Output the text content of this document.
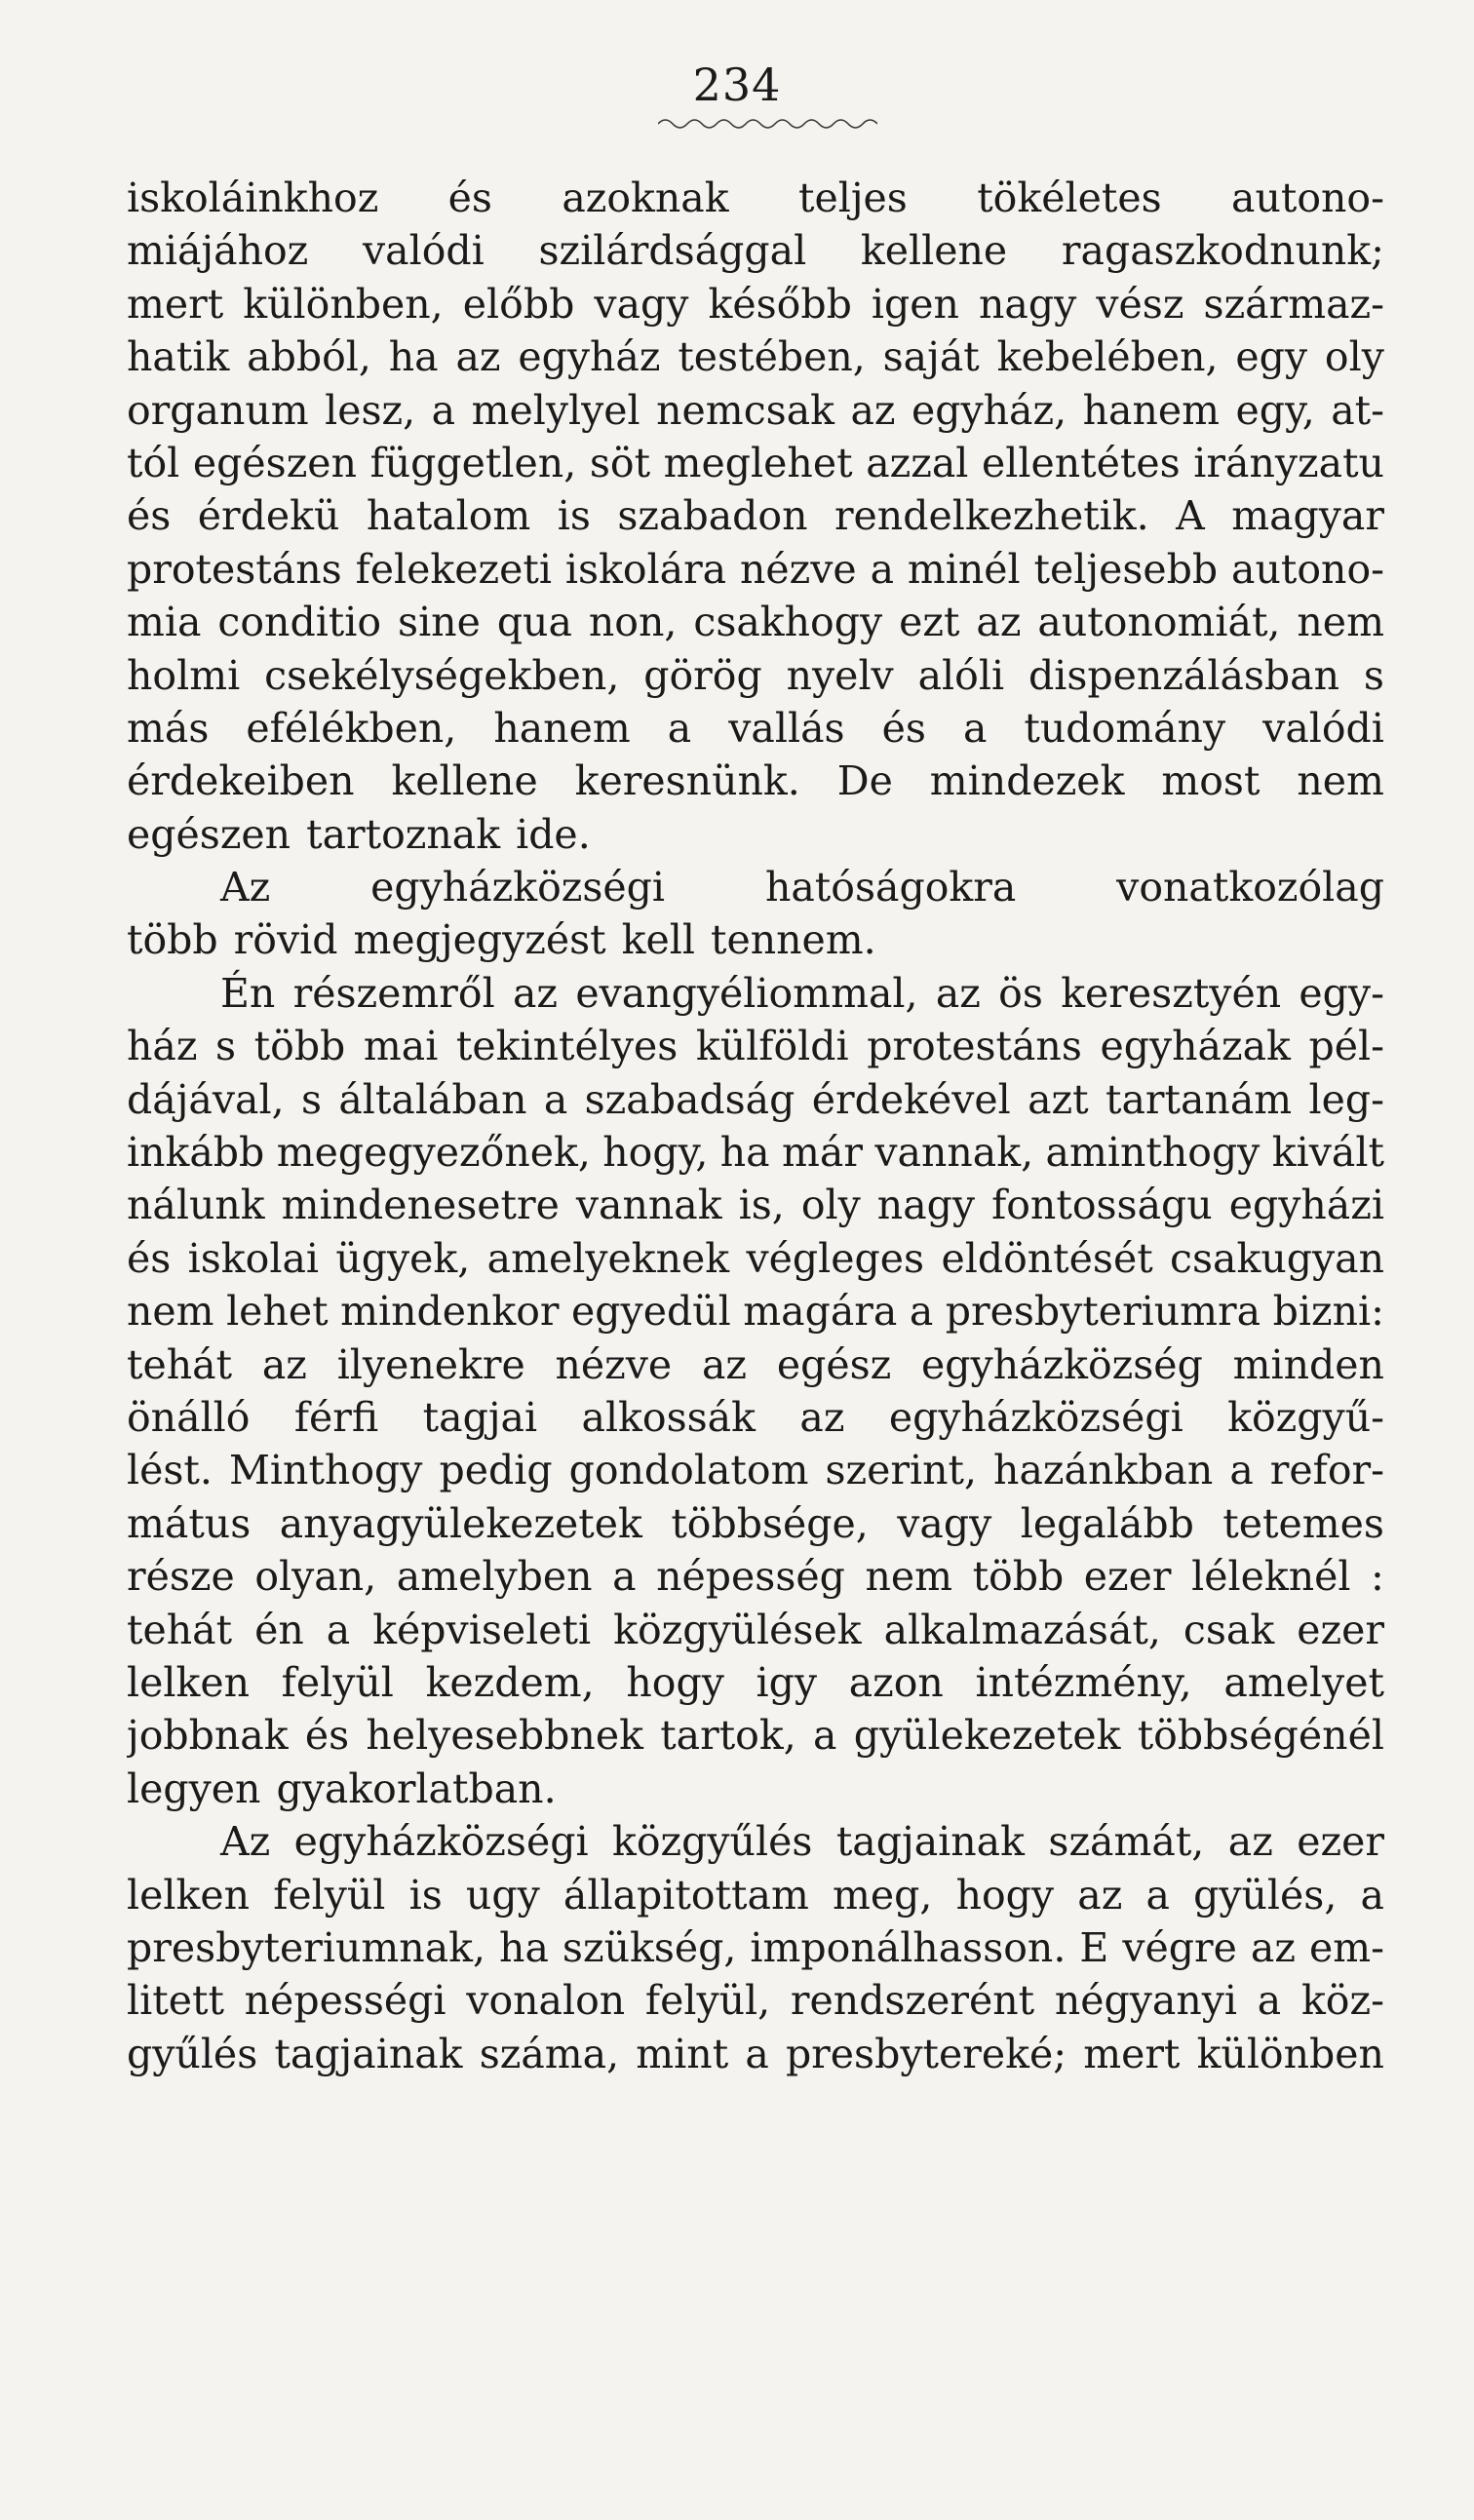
234
iskoláinkhoz és azoknak teljes tökéletes autono-
miájához valódi szilárdsággal kellene ragaszkodnunk;
mert különben, előbb vagy később igen nagy vész származ-
hatik abból, ha az egyház testében, saját kebelében, egy oly
organum lesz, a melylyel nemcsak az egyház, hanem egy, at-
tól egészen független, söt meglehet azzal ellentétes irányzatu
és érdekü hatalom is szabadon rendelkezhetik. A magyar
protestáns felekezeti iskolára nézve a minél teljesebb autono-
mia conditio sine qua non, csakhogy ezt az autonomiát, nem
holmi csekélységekben, görög nyelv alóli dispenzálásban s
más efélékben, hanem a vallás és a tudomány valódi
érdekeiben kellene keresnünk. De mindezek most nem
egészen tartoznak ide.
Az	egyházközségi	hatóságokra	vonatkozólag
több rövid megjegyzést kell tennem.
Én részemről az evangyéliommal, az ös keresztyén egy-
ház s több mai tekintélyes külföldi protestáns egyházak pél-
dájával, s általában a szabadság érdekével azt tartanám leg-
inkább megegyezőnek, hogy, ha már vannak, aminthogy kivált
nálunk mindenesetre vannak is, oly nagy fontosságu egyházi
és iskolai ügyek, amelyeknek végleges eldöntését csakugyan
nem lehet mindenkor egyedül magára a presbyteriumra bizni:
tehát az ilyenekre nézve az egész egyházközség minden
önálló férfi tagjai alkossák az egyházközségi közgyű-
lést. Minthogy pedig gondolatom szerint, hazánkban a refor-
mátus anyagyülekezetek többsége, vagy legalább tetemes
része olyan, amelyben a népesség nem több ezer léleknél :
tehát én a képviseleti közgyülések alkalmazását, csak ezer
lelken felyül kezdem, hogy igy azon intézmény, amelyet
jobbnak és helyesebbnek tartok, a gyülekezetek többségénél
legyen gyakorlatban.
Az egyházközségi közgyűlés tagjainak számát, az ezer
lelken felyül is ugy állapitottam meg, hogy az a gyülés, a
presbyteriumnak, ha szükség, imponálhasson. E végre az em-
litett népességi vonalon felyül, rendszerént négyanyi a köz-
gyűlés tagjainak száma, mint a presbytereké; mert különben
